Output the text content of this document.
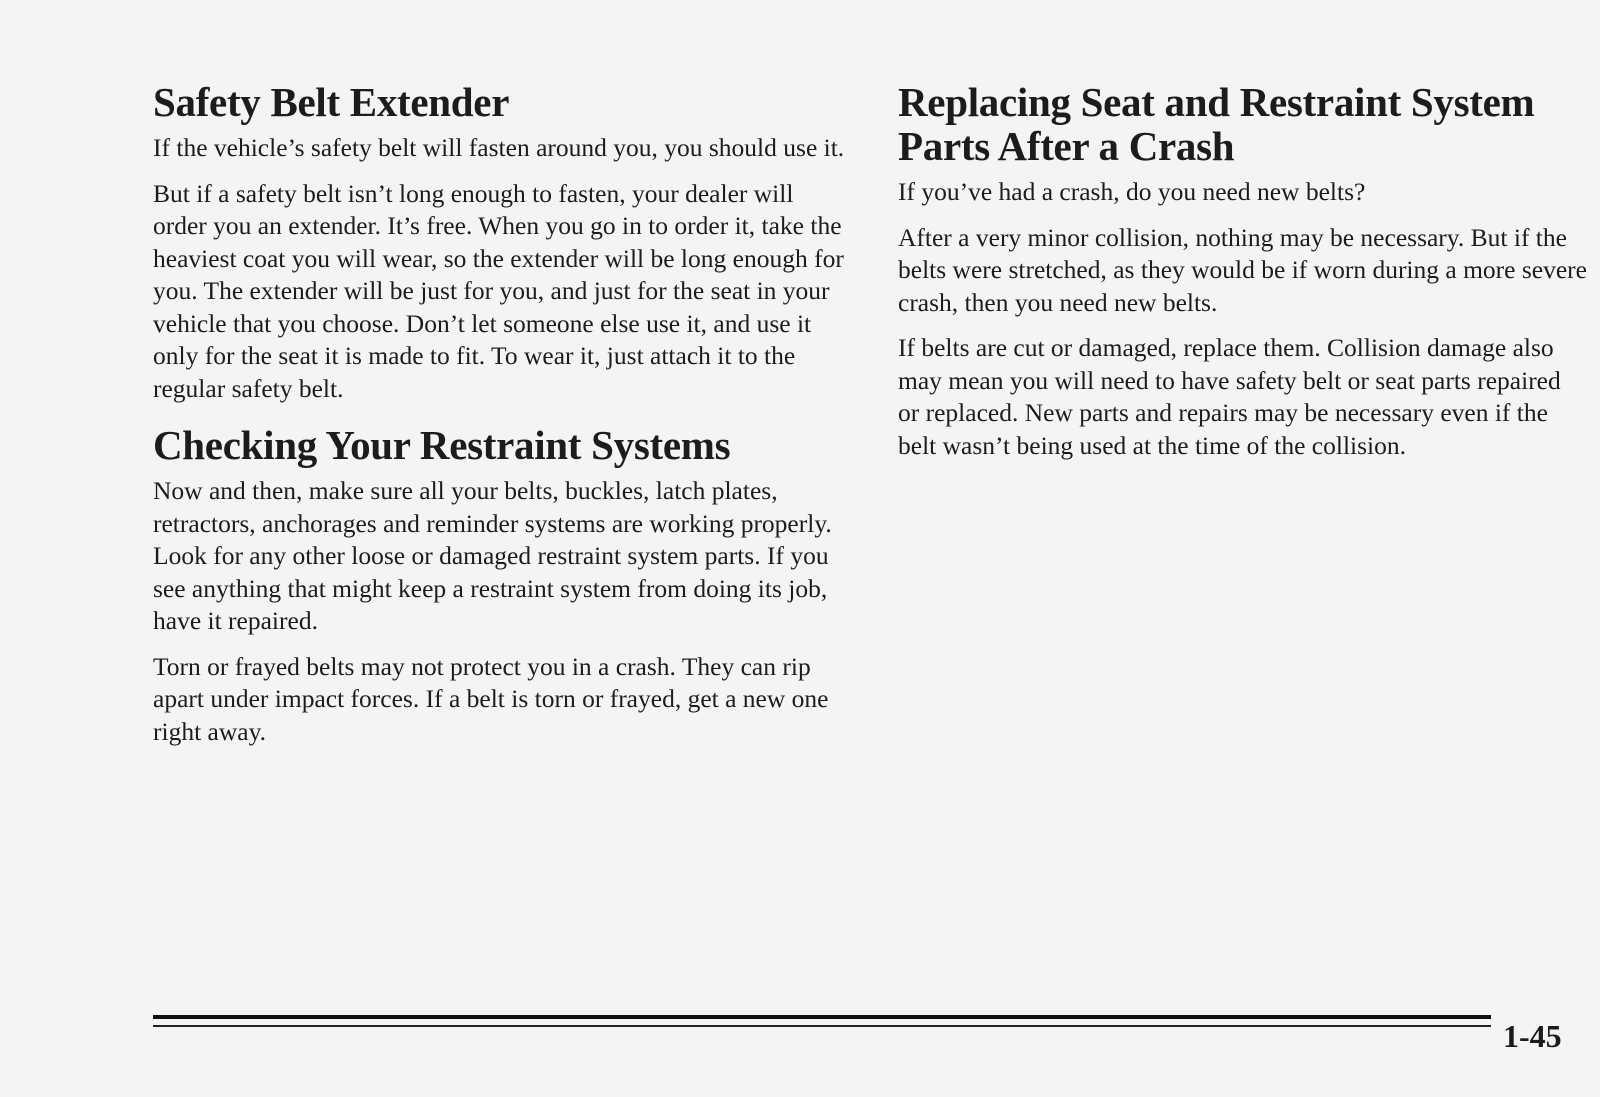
Safety Belt Extender

If the vehicle’s safety belt will fasten around you, you should use it.

But if a safety belt isn’t long enough to fasten, your dealer will order you an extender. It’s free. When you go in to order it, take the heaviest coat you will wear, so the extender will be long enough for you. The extender will be just for you, and just for the seat in your vehicle that you choose. Don’t let someone else use it, and use it only for the seat it is made to fit. To wear it, just attach it to the regular safety belt.

Checking Your Restraint Systems

Now and then, make sure all your belts, buckles, latch plates, retractors, anchorages and reminder systems are working properly. Look for any other loose or damaged restraint system parts. If you see anything that might keep a restraint system from doing its job, have it repaired.

Torn or frayed belts may not protect you in a crash. They can rip apart under impact forces. If a belt is torn or frayed, get a new one right away.

Replacing Seat and Restraint System Parts After a Crash

If you’ve had a crash, do you need new belts?

After a very minor collision, nothing may be necessary. But if the belts were stretched, as they would be if worn during a more severe crash, then you need new belts.

If belts are cut or damaged, replace them. Collision damage also may mean you will need to have safety belt or seat parts repaired or replaced. New parts and repairs may be necessary even if the belt wasn’t being used at the time of the collision.

1-45
